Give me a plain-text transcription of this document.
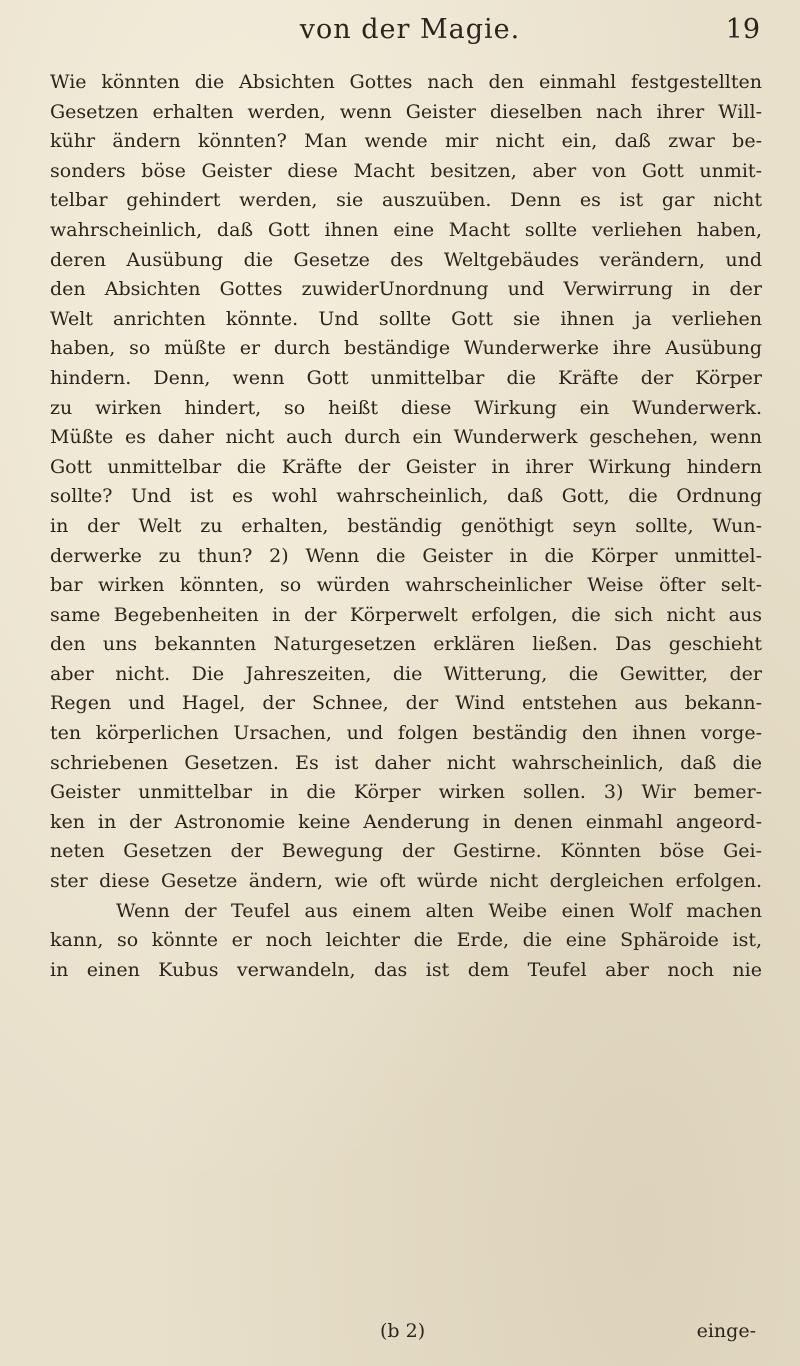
von der Magie.	19
Wie könnten die Absichten Gottes nach den einmahl festgestellten
Gesetzen erhalten werden, wenn Geister dieselben nach ihrer Will-
kühr ändern könnten? Man wende mir nicht ein, daß zwar be-
sonders böse Geister diese Macht besitzen, aber von Gott unmit-
telbar gehindert werden, sie auszuüben. Denn es ist gar nicht
wahrscheinlich, daß Gott ihnen eine Macht sollte verliehen haben,
deren Ausübung die Gesetze des Weltgebäudes verändern, und
den Absichten Gottes zuwiderUnordnung und Verwirrung in der
Welt anrichten könnte. Und sollte Gott sie ihnen ja verliehen
haben, so müßte er durch beständige Wunderwerke ihre Ausübung
hindern. Denn, wenn Gott unmittelbar die Kräfte der Körper
zu wirken hindert, so heißt diese Wirkung ein Wunderwerk.
Müßte es daher nicht auch durch ein Wunderwerk geschehen, wenn
Gott unmittelbar die Kräfte der Geister in ihrer Wirkung hindern
sollte? Und ist es wohl wahrscheinlich, daß Gott, die Ordnung
in der Welt zu erhalten, beständig genöthigt seyn sollte, Wun-
derwerke zu thun? 2) Wenn die Geister in die Körper unmittel-
bar wirken könnten, so würden wahrscheinlicher Weise öfter selt-
same Begebenheiten in der Körperwelt erfolgen, die sich nicht aus
den uns bekannten Naturgesetzen erklären ließen. Das geschieht
aber nicht. Die Jahreszeiten, die Witterung, die Gewitter, der
Regen und Hagel, der Schnee, der Wind entstehen aus bekann-
ten körperlichen Ursachen, und folgen beständig den ihnen vorge-
schriebenen Gesetzen. Es ist daher nicht wahrscheinlich, daß die
Geister unmittelbar in die Körper wirken sollen. 3) Wir bemer-
ken in der Astronomie keine Aenderung in denen einmahl angeord-
neten Gesetzen der Bewegung der Gestirne. Könnten böse Gei-
ster diese Gesetze ändern, wie oft würde nicht dergleichen erfolgen.
Wenn der Teufel aus einem alten Weibe einen Wolf machen
kann, so könnte er noch leichter die Erde, die eine Sphäroide ist,
in einen Kubus verwandeln, das ist dem Teufel aber noch nie
(b 2)	einge-
